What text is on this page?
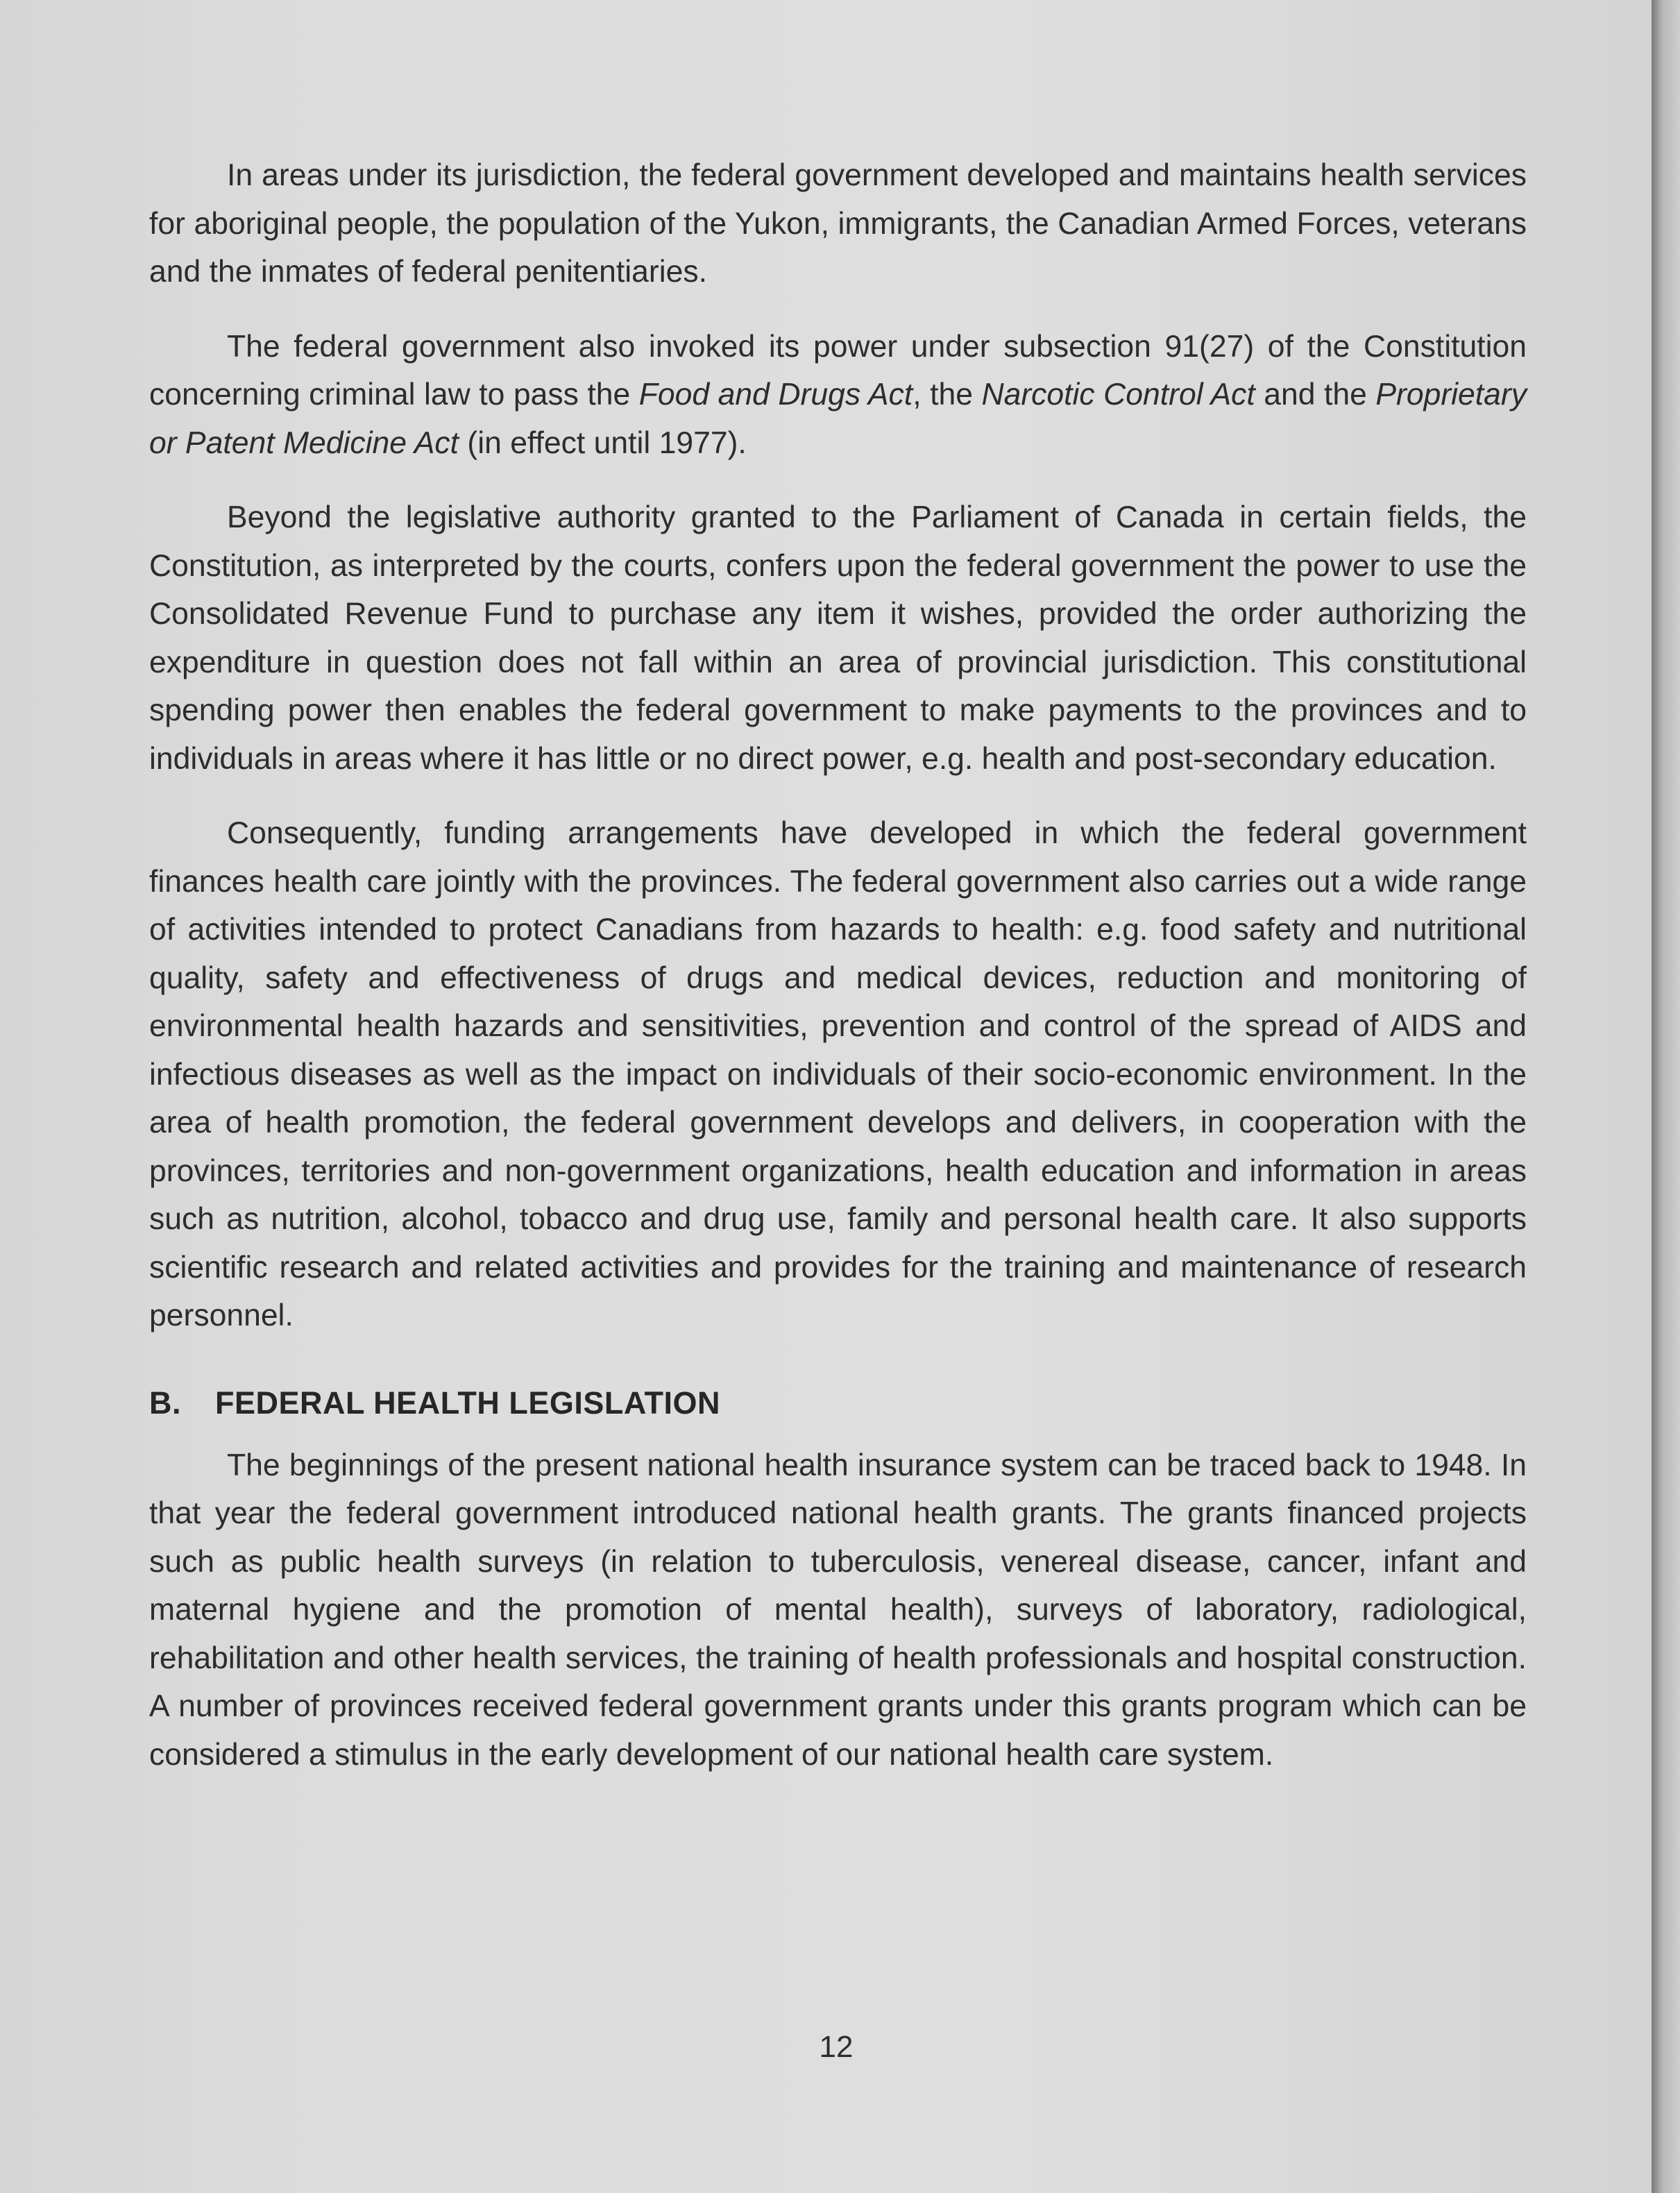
In areas under its jurisdiction, the federal government developed and maintains health services for aboriginal people, the population of the Yukon, immigrants, the Canadian Armed Forces, veterans and the inmates of federal penitentiaries.

The federal government also invoked its power under subsection 91(27) of the Constitution concerning criminal law to pass the Food and Drugs Act, the Narcotic Control Act and the Proprietary or Patent Medicine Act (in effect until 1977).

Beyond the legislative authority granted to the Parliament of Canada in certain fields, the Constitution, as interpreted by the courts, confers upon the federal government the power to use the Consolidated Revenue Fund to purchase any item it wishes, provided the order authorizing the expenditure in question does not fall within an area of provincial jurisdiction. This constitutional spending power then enables the federal government to make payments to the provinces and to individuals in areas where it has little or no direct power, e.g. health and post-secondary education.

Consequently, funding arrangements have developed in which the federal government finances health care jointly with the provinces. The federal government also carries out a wide range of activities intended to protect Canadians from hazards to health: e.g. food safety and nutritional quality, safety and effectiveness of drugs and medical devices, reduction and monitoring of environmental health hazards and sensitivities, prevention and control of the spread of AIDS and infectious diseases as well as the impact on individuals of their socio-economic environment. In the area of health promotion, the federal government develops and delivers, in cooperation with the provinces, territories and non-government organizations, health education and information in areas such as nutrition, alcohol, tobacco and drug use, family and personal health care. It also supports scientific research and related activities and provides for the training and maintenance of research personnel.

B. FEDERAL HEALTH LEGISLATION

The beginnings of the present national health insurance system can be traced back to 1948. In that year the federal government introduced national health grants. The grants financed projects such as public health surveys (in relation to tuberculosis, venereal disease, cancer, infant and maternal hygiene and the promotion of mental health), surveys of laboratory, radiological, rehabilitation and other health services, the training of health professionals and hospital construction. A number of provinces received federal government grants under this grants program which can be considered a stimulus in the early development of our national health care system.

12
